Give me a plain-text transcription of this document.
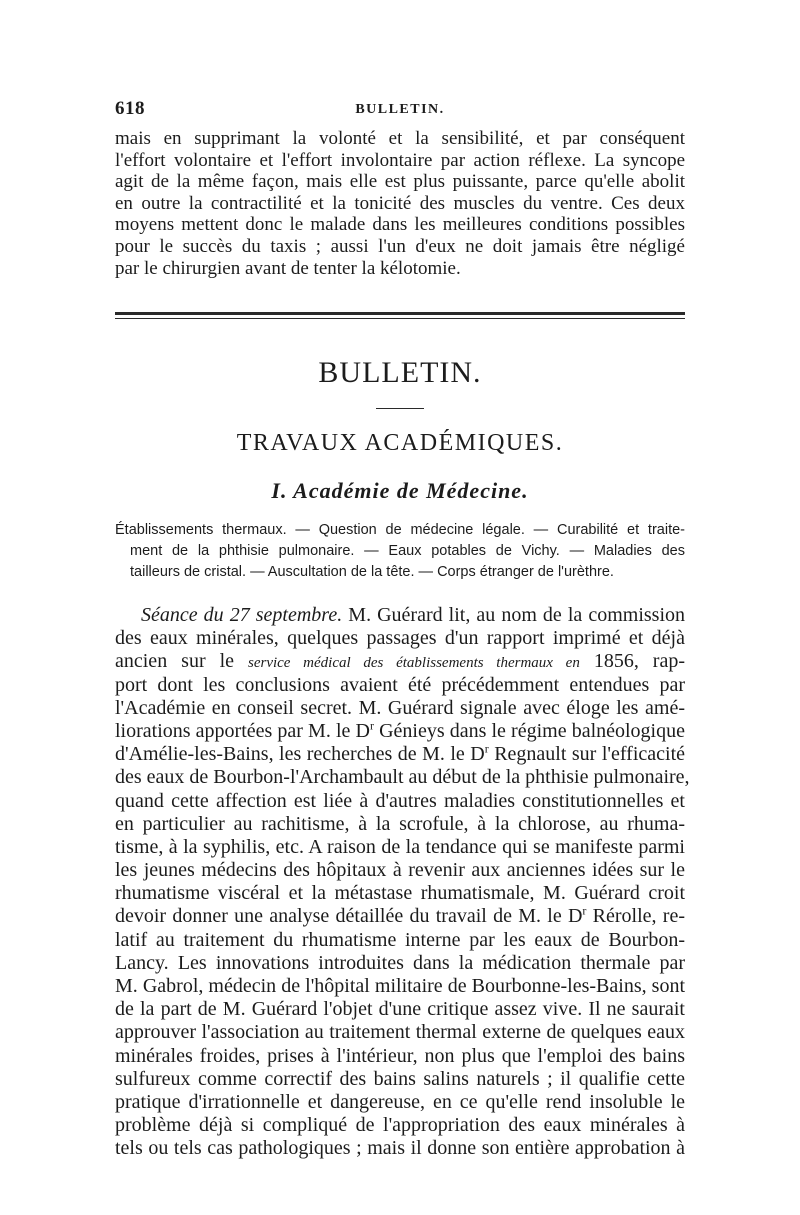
618	BULLETIN.
mais en supprimant la volonté et la sensibilité, et par conséquent
l'effort volontaire et l'effort involontaire par action réflexe. La syncope
agit de la même façon, mais elle est plus puissante, parce qu'elle abolit
en outre la contractilité et la tonicité des muscles du ventre. Ces deux
moyens mettent donc le malade dans les meilleures conditions possibles
pour le succès du taxis ; aussi l'un d'eux ne doit jamais être négligé
par le chirurgien avant de tenter la kélotomie.
BULLETIN.
TRAVAUX ACADÉMIQUES.
I. Académie de Médecine.
Établissements thermaux. — Question de médecine légale. — Curabilité et traite-
ment de la phthisie pulmonaire. — Eaux potables de Vichy. — Maladies des
tailleurs de cristal. — Auscultation de la tête. — Corps étranger de l'urèthre.
Séance du 27 septembre. M. Guérard lit, au nom de la commission
des eaux minérales, quelques passages d'un rapport imprimé et déjà
ancien sur le service médical des établissements thermaux en 1856, rap-
port dont les conclusions avaient été précédemment entendues par
l'Académie en conseil secret. M. Guérard signale avec éloge les amé-
liorations apportées par M. le $D^r$ Génieys dans le régime balnéologique
d'Amélie-les-Bains, les recherches de M. le $D^r$ Regnault sur l'efficacité
des eaux de Bourbon-l'Archambault au début de la phthisie pulmonaire,
quand cette affection est liée à d'autres maladies constitutionnelles et
en particulier au rachitisme, à la scrofule, à la chlorose, au rhuma-
tisme, à la syphilis, etc. A raison de la tendance qui se manifeste parmi
les jeunes médecins des hôpitaux à revenir aux anciennes idées sur le
rhumatisme viscéral et la métastase rhumatismale, M. Guérard croit
devoir donner une analyse détaillée du travail de M. le $D^r$ Rérolle, re-
latif au traitement du rhumatisme interne par les eaux de Bourbon-
Lancy. Les innovations introduites dans la médication thermale par
M. Gabrol, médecin de l'hôpital militaire de Bourbonne-les-Bains, sont
de la part de M. Guérard l'objet d'une critique assez vive. Il ne saurait
approuver l'association au traitement thermal externe de quelques eaux
minérales froides, prises à l'intérieur, non plus que l'emploi des bains
sulfureux comme correctif des bains salins naturels ; il qualifie cette
pratique d'irrationnelle et dangereuse, en ce qu'elle rend insoluble le
problème déjà si compliqué de l'appropriation des eaux minérales à
tels ou tels cas pathologiques ; mais il donne son entière approbation à
